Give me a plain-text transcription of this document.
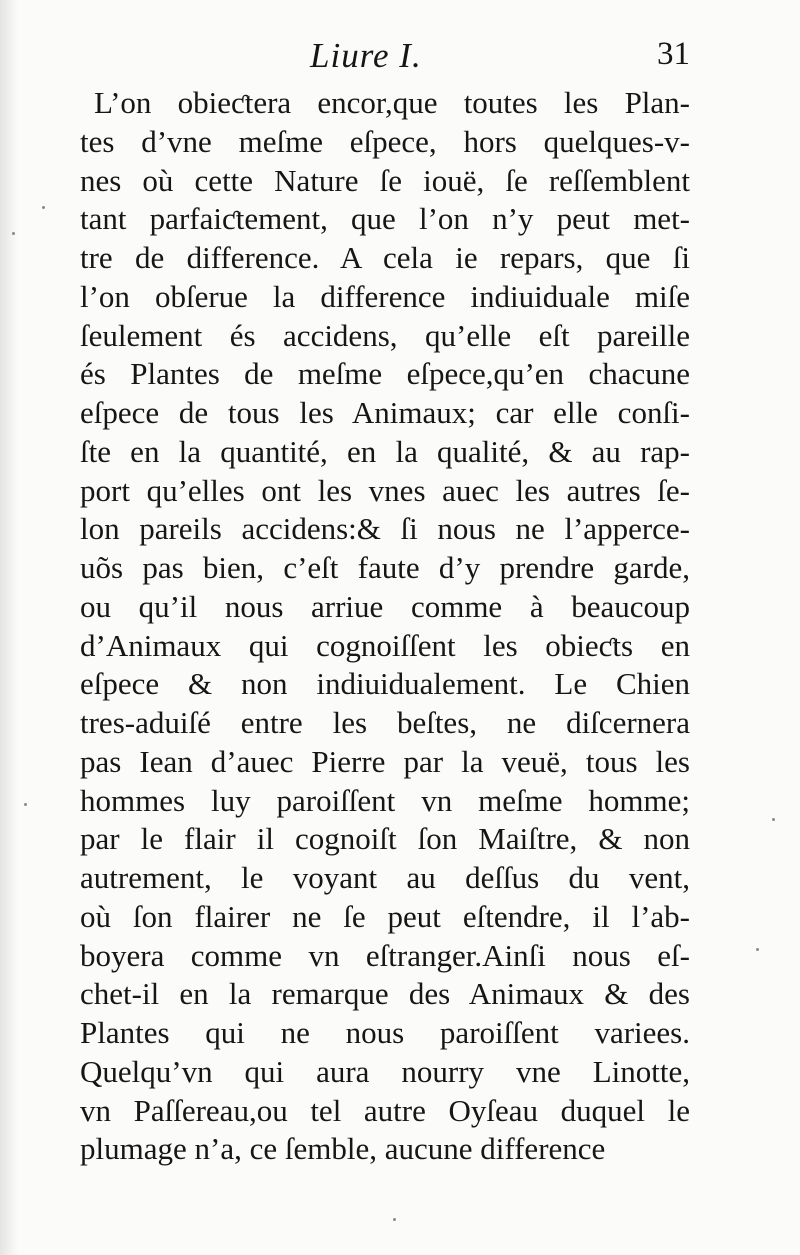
Liure I.	31
L’on obieƈtera encor,que toutes les Plan-
tes d’vne meſme eſpece, hors quelques-v-
nes où cette Nature ſe iouë, ſe reſſemblent
tant parfaiƈtement, que l’on n’y peut met-
tre de difference. A cela ie repars, que ſi
l’on obſerue la difference indiuiduale miſe
ſeulement és accidens, qu’elle eſt pareille
és Plantes de meſme eſpece,qu’en chacune
eſpece de tous les Animaux; car elle conſi-
ſte en la quantité, en la qualité, & au rap-
port qu’elles ont les vnes auec les autres ſe-
lon pareils accidens:& ſi nous ne l’apperce-
uõs pas bien, c’eſt faute d’y prendre garde,
ou qu’il nous arriue comme à beaucoup
d’Animaux qui cognoiſſent les obieƈts en
eſpece & non indiuidualement. Le Chien
tres-aduiſé entre les beſtes, ne diſcernera
pas Iean d’auec Pierre par la veuë, tous les
hommes luy paroiſſent vn meſme homme;
par le flair il cognoiſt ſon Maiſtre, & non
autrement, le voyant au deſſus du vent,
où ſon flairer ne ſe peut eſtendre, il l’ab-
boyera comme vn eſtranger.Ainſi nous eſ-
chet-il en la remarque des Animaux & des
Plantes qui ne nous paroiſſent variees.
Quelqu’vn qui aura nourry vne Linotte,
vn Paſſereau,ou tel autre Oyſeau duquel le
plumage n’a, ce ſemble, aucune difference
